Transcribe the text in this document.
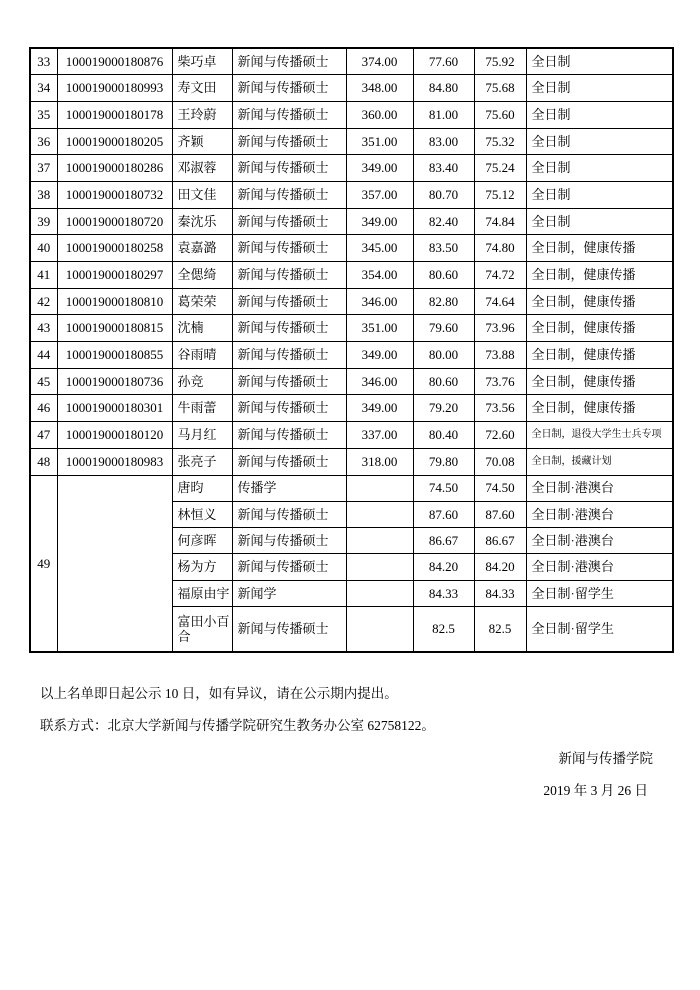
33	100019000180876	柴巧卓	新闻与传播硕士	374.00	77.60	75.92	全日制
34	100019000180993	寿文田	新闻与传播硕士	348.00	84.80	75.68	全日制
35	100019000180178	王玲蔚	新闻与传播硕士	360.00	81.00	75.60	全日制
36	100019000180205	齐颖	新闻与传播硕士	351.00	83.00	75.32	全日制
37	100019000180286	邓淑蓉	新闻与传播硕士	349.00	83.40	75.24	全日制
38	100019000180732	田文佳	新闻与传播硕士	357.00	80.70	75.12	全日制
39	100019000180720	秦沈乐	新闻与传播硕士	349.00	82.40	74.84	全日制
40	100019000180258	袁嘉潞	新闻与传播硕士	345.00	83.50	74.80	全日制，健康传播
41	100019000180297	全偲绮	新闻与传播硕士	354.00	80.60	74.72	全日制，健康传播
42	100019000180810	葛荣荣	新闻与传播硕士	346.00	82.80	74.64	全日制，健康传播
43	100019000180815	沈楠	新闻与传播硕士	351.00	79.60	73.96	全日制，健康传播
44	100019000180855	谷雨晴	新闻与传播硕士	349.00	80.00	73.88	全日制，健康传播
45	100019000180736	孙竞	新闻与传播硕士	346.00	80.60	73.76	全日制，健康传播
46	100019000180301	牛雨蕾	新闻与传播硕士	349.00	79.20	73.56	全日制，健康传播
47	100019000180120	马月红	新闻与传播硕士	337.00	80.40	72.60	全日制，退役大学生士兵专项
48	100019000180983	张亮子	新闻与传播硕士	318.00	79.80	70.08	全日制，援藏计划
49		唐昀	传播学		74.50	74.50	全日制·港澳台
		林恒义	新闻与传播硕士		87.60	87.60	全日制·港澳台
		何彦晖	新闻与传播硕士		86.67	86.67	全日制·港澳台
		杨为方	新闻与传播硕士		84.20	84.20	全日制·港澳台
		福原由宇	新闻学		84.33	84.33	全日制·留学生
		富田小百合	新闻与传播硕士		82.5	82.5	全日制·留学生
以上名单即日起公示 10 日，如有异议，请在公示期内提出。
联系方式：北京大学新闻与传播学院研究生教务办公室 62758122。
新闻与传播学院
2019 年 3 月 26 日
